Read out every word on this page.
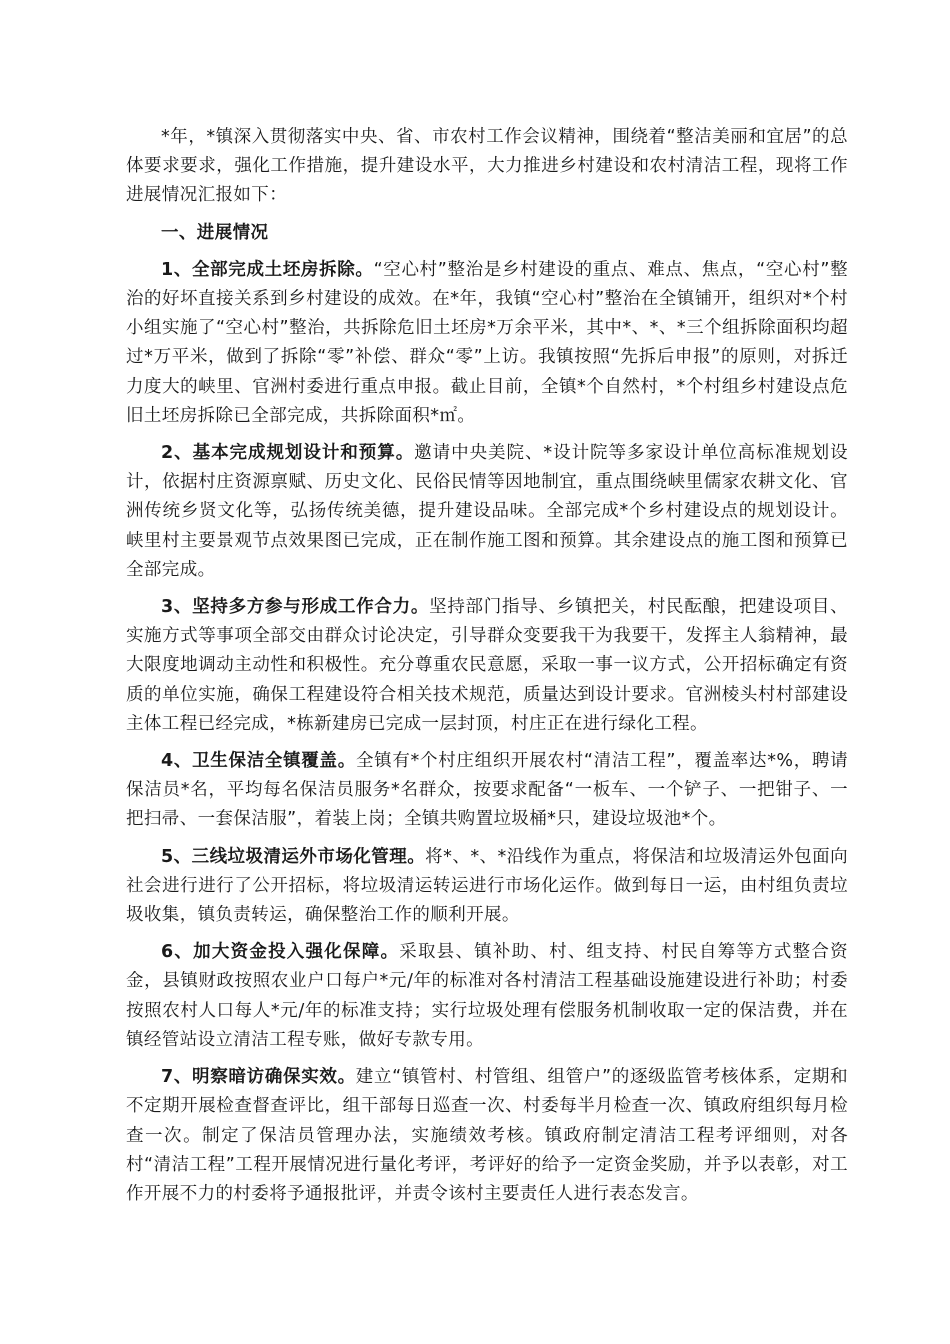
*年，*镇深入贯彻落实中央、省、市农村工作会议精神，围绕着“整洁美丽和宜居”的总体要求要求，强化工作措施，提升建设水平，大力推进乡村建设和农村清洁工程，现将工作进展情况汇报如下：

一、进展情况

1、全部完成土坯房拆除。“空心村”整治是乡村建设的重点、难点、焦点，“空心村”整治的好坏直接关系到乡村建设的成效。在*年，我镇“空心村”整治在全镇铺开，组织对*个村小组实施了“空心村”整治，共拆除危旧土坯房*万余平米，其中*、*、*三个组拆除面积均超过*万平米，做到了拆除“零”补偿、群众“零”上访。我镇按照“先拆后申报”的原则，对拆迁力度大的峡里、官洲村委进行重点申报。截止目前，全镇*个自然村，*个村组乡村建设点危旧土坯房拆除已全部完成，共拆除面积*㎡。

2、基本完成规划设计和预算。邀请中央美院、*设计院等多家设计单位高标准规划设计，依据村庄资源禀赋、历史文化、民俗民情等因地制宜，重点围绕峡里儒家农耕文化、官洲传统乡贤文化等，弘扬传统美德，提升建设品味。全部完成*个乡村建设点的规划设计。峡里村主要景观节点效果图已完成，正在制作施工图和预算。其余建设点的施工图和预算已全部完成。

3、坚持多方参与形成工作合力。坚持部门指导、乡镇把关，村民酝酿，把建设项目、实施方式等事项全部交由群众讨论决定，引导群众变要我干为我要干，发挥主人翁精神，最大限度地调动主动性和积极性。充分尊重农民意愿，采取一事一议方式，公开招标确定有资质的单位实施，确保工程建设符合相关技术规范，质量达到设计要求。官洲棱头村村部建设主体工程已经完成，*栋新建房已完成一层封顶，村庄正在进行绿化工程。

4、卫生保洁全镇覆盖。全镇有*个村庄组织开展农村“清洁工程”，覆盖率达*%，聘请保洁员*名，平均每名保洁员服务*名群众，按要求配备“一板车、一个铲子、一把钳子、一把扫帚、一套保洁服”，着装上岗；全镇共购置垃圾桶*只，建设垃圾池*个。

5、三线垃圾清运外市场化管理。将*、*、*沿线作为重点，将保洁和垃圾清运外包面向社会进行进行了公开招标，将垃圾清运转运进行市场化运作。做到每日一运，由村组负责垃圾收集，镇负责转运，确保整治工作的顺利开展。

6、加大资金投入强化保障。采取县、镇补助、村、组支持、村民自筹等方式整合资金，县镇财政按照农业户口每户*元/年的标准对各村清洁工程基础设施建设进行补助；村委按照农村人口每人*元/年的标准支持；实行垃圾处理有偿服务机制收取一定的保洁费，并在镇经管站设立清洁工程专账，做好专款专用。

7、明察暗访确保实效。建立“镇管村、村管组、组管户”的逐级监管考核体系，定期和不定期开展检查督查评比，组干部每日巡查一次、村委每半月检查一次、镇政府组织每月检查一次。制定了保洁员管理办法，实施绩效考核。镇政府制定清洁工程考评细则，对各村“清洁工程”工程开展情况进行量化考评，考评好的给予一定资金奖励，并予以表彰，对工作开展不力的村委将予通报批评，并责令该村主要责任人进行表态发言。
